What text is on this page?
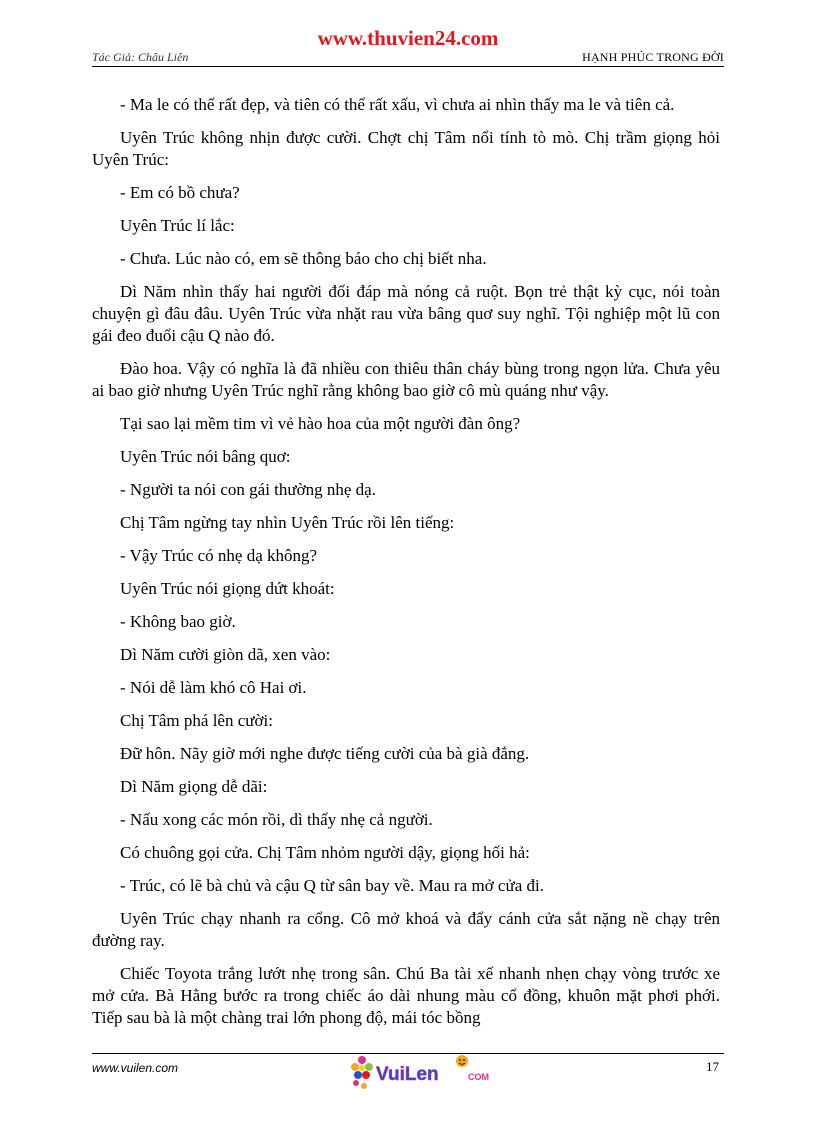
www.thuvien24.com
Tác Giả: Châu Liên	HẠNH PHÚC TRONG ĐỜI

- Ma le có thể rất đẹp, và tiên có thể rất xấu, vì chưa ai nhìn thấy ma le và tiên cả.

Uyên Trúc không nhịn được cười. Chợt chị Tâm nổi tính tò mò. Chị trầm giọng hỏi Uyên Trúc:

- Em có bồ chưa?

Uyên Trúc lí lắc:

- Chưa. Lúc nào có, em sẽ thông báo cho chị biết nha.

Dì Năm nhìn thấy hai người đối đáp mà nóng cả ruột. Bọn trẻ thật kỳ cục, nói toàn chuyện gì đâu đâu. Uyên Trúc vừa nhặt rau vừa bâng quơ suy nghĩ. Tội nghiệp một lũ con gái đeo đuổi cậu Q nào đó.

Đào hoa. Vậy có nghĩa là đã nhiều con thiêu thân cháy bùng trong ngọn lửa. Chưa yêu ai bao giờ nhưng Uyên Trúc nghĩ rằng không bao giờ cô mù quáng như vậy.

Tại sao lại mềm tim vì vẻ hào hoa của một người đàn ông?

Uyên Trúc nói bâng quơ:

- Người ta nói con gái thường nhẹ dạ.

Chị Tâm ngừng tay nhìn Uyên Trúc rồi lên tiếng:

- Vậy Trúc có nhẹ dạ không?

Uyên Trúc nói giọng dứt khoát:

- Không bao giờ.

Dì Năm cười giòn dã, xen vào:

- Nói dễ làm khó cô Hai ơi.

Chị Tâm phá lên cười:

Đữ hôn. Nãy giờ mới nghe được tiếng cười của bà già đắng.

Dì Năm giọng dễ dãi:

- Nấu xong các món rồi, dì thấy nhẹ cả người.

Có chuông gọi cửa. Chị Tâm nhỏm người dậy, giọng hối hả:

- Trúc, có lẽ bà chủ và cậu Q từ sân bay về. Mau ra mở cửa đi.

Uyên Trúc chạy nhanh ra cổng. Cô mở khoá và đẩy cánh cửa sắt nặng nề chạy trên đường ray.

Chiếc Toyota trắng lướt nhẹ trong sân. Chú Ba tài xế nhanh nhẹn chạy vòng trước xe mở cửa. Bà Hằng bước ra trong chiếc áo dài nhung màu cổ đồng, khuôn mặt phơi phới. Tiếp sau bà là một chàng trai lớn phong độ, mái tóc bồng

www.vuilen.com	VuiLen	COM
17
